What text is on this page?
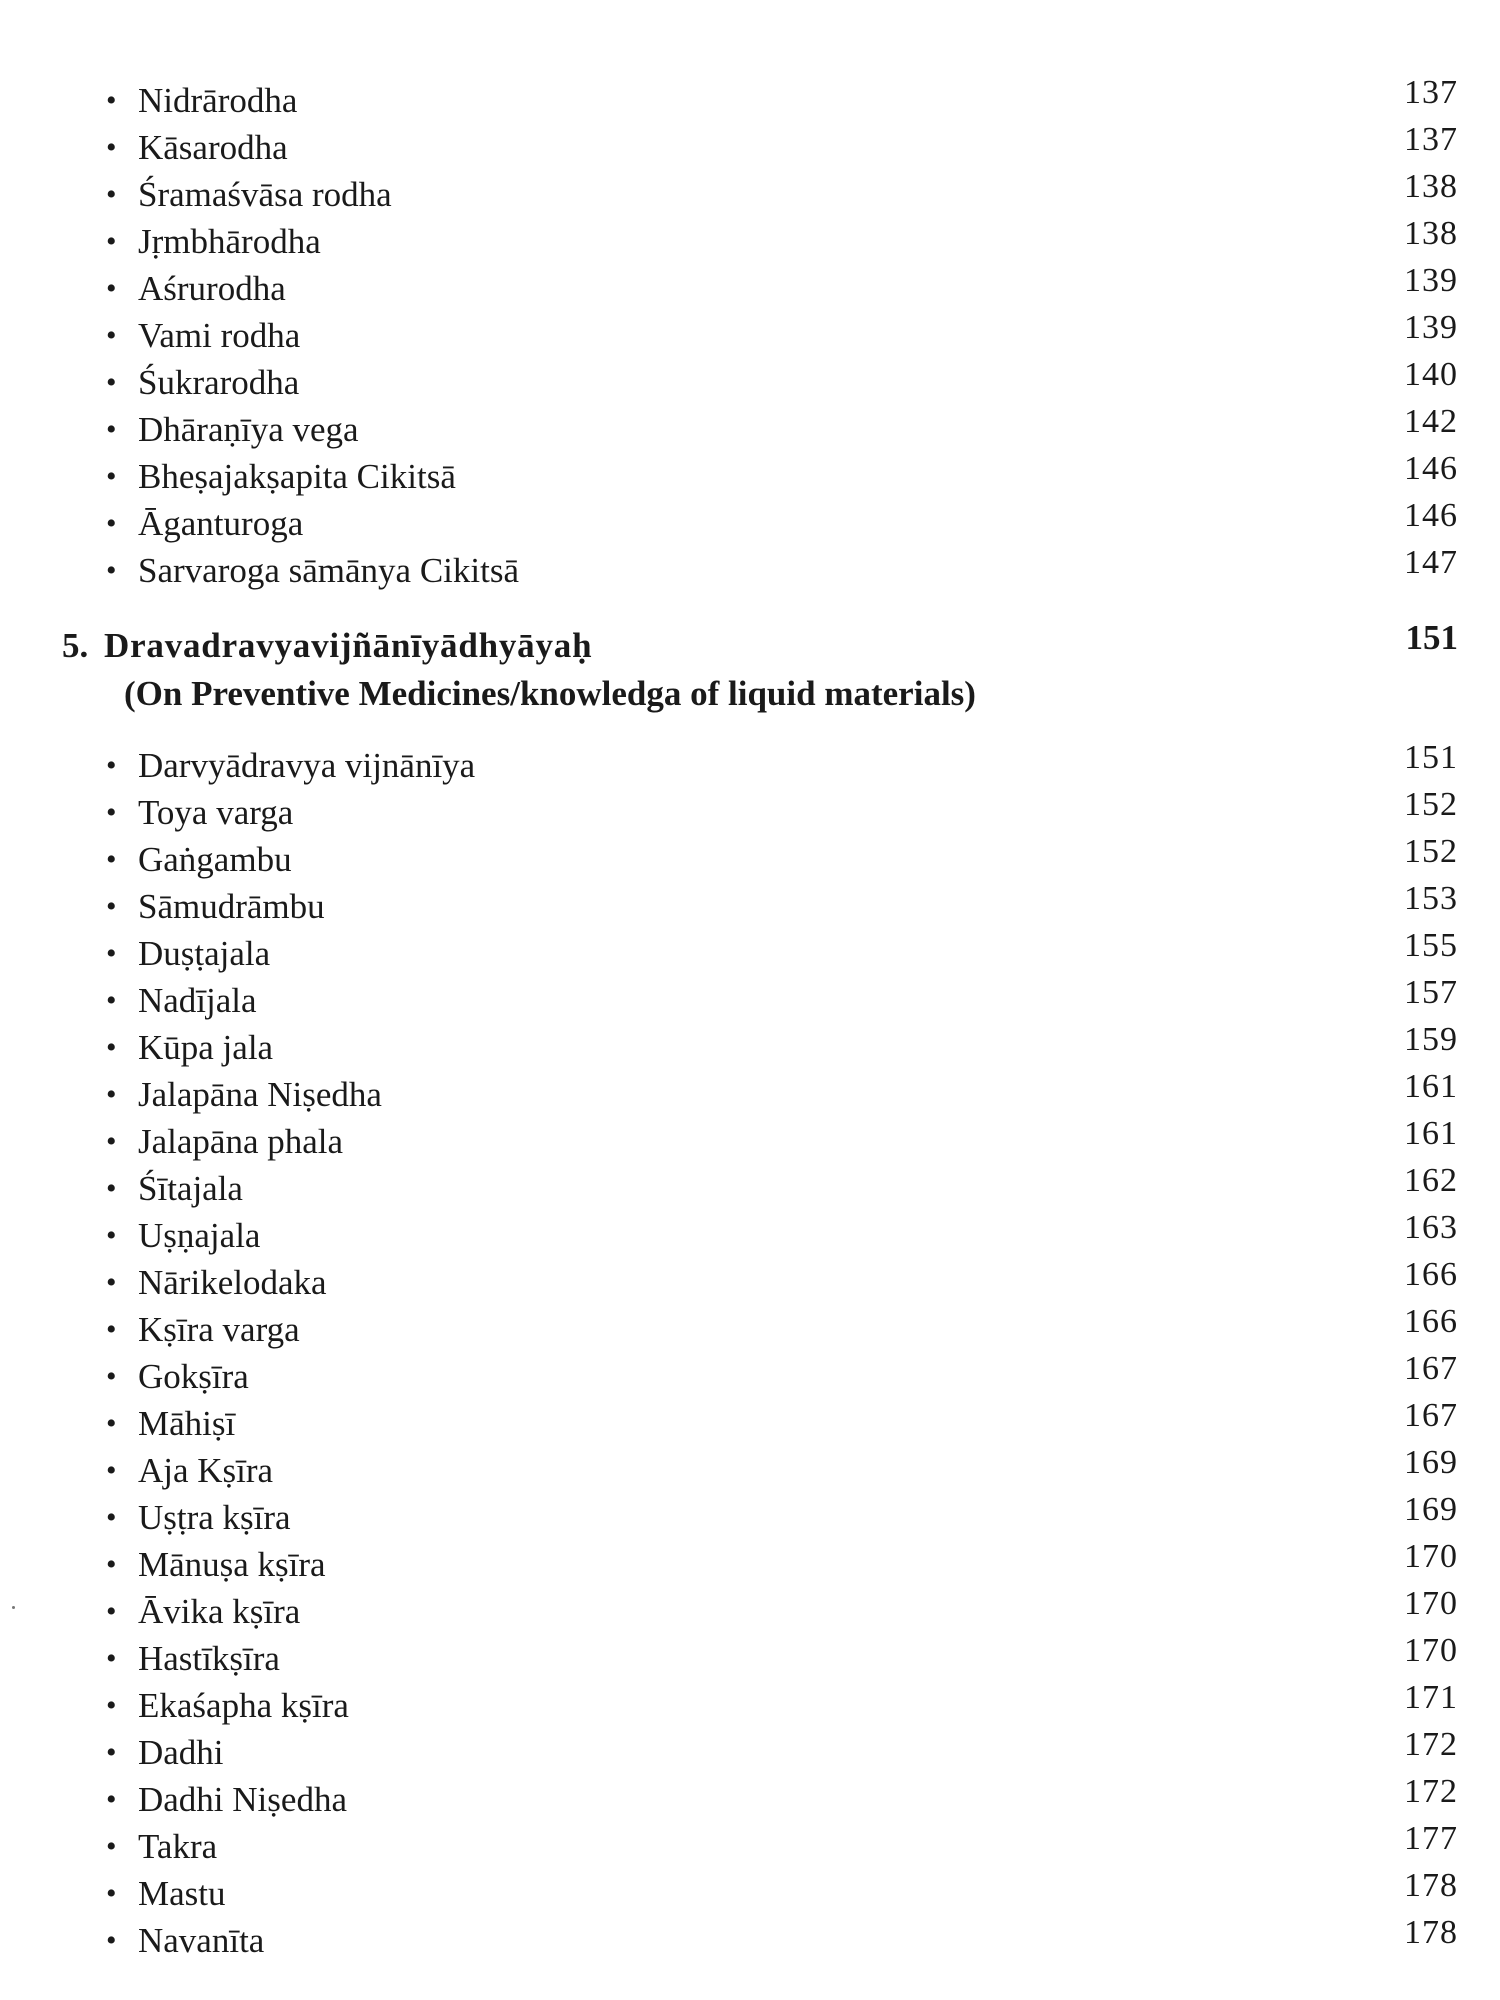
• Nidrārodha	137
• Kāsarodha	137
• Śramaśvāsa rodha	138
• Jṛmbhārodha	138
• Aśrurodha	139
• Vami rodha	139
• Śukrarodha	140
• Dhāraṇīya vega	142
• Bheṣajakṣapita Cikitsā	146
• Āganturoga	146
• Sarvaroga sāmānya Cikitsā	147
5. Dravadravyavijñānīyādhyāyaḥ	151
(On Preventive Medicines/knowledga of liquid materials)
• Darvyādravya vijnānīya	151
• Toya varga	152
• Gaṅgambu	152
• Sāmudrāmbu	153
• Duṣṭajala	155
• Nadījala	157
• Kūpa jala	159
• Jalapāna Niṣedha	161
• Jalapāna phala	161
• Śītajala	162
• Uṣṇajala	163
• Nārikelodaka	166
• Kṣīra varga	166
• Gokṣīra	167
• Māhiṣī	167
• Aja Kṣīra	169
• Uṣṭra kṣīra	169
• Mānuṣa kṣīra	170
• Āvika kṣīra	170
• Hastīkṣīra	170
• Ekaśapha kṣīra	171
• Dadhi	172
• Dadhi Niṣedha	172
• Takra	177
• Mastu	178
• Navanīta	178
